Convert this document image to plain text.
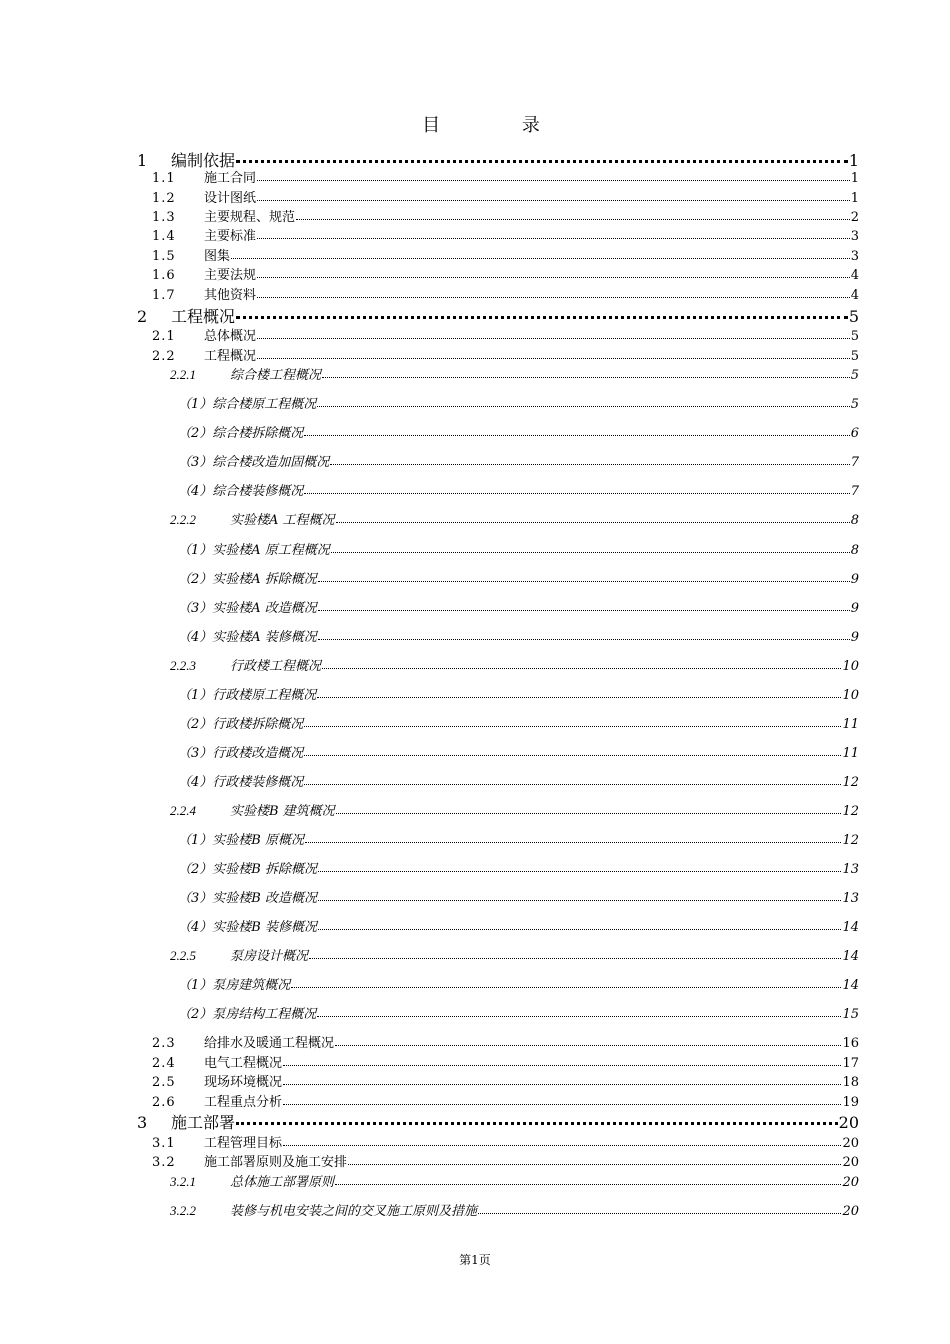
目 录
1	编制依据	1
1.1	施工合同	1
1.2	设计图纸	1
1.3	主要规程、规范	2
1.4	主要标准	3
1.5	图集	3
1.6	主要法规	4
1.7	其他资料	4
2	工程概况	5
2.1	总体概况	5
2.2	工程概况	5
2.2.1	综合楼工程概况	5
（1）综合楼原工程概况	5
（2）综合楼拆除概况	6
（3）综合楼改造加固概况	7
（4）综合楼装修概况	7
2.2.2	实验楼A 工程概况	8
（1）实验楼A 原工程概况	8
（2）实验楼A 拆除概况	9
（3）实验楼A 改造概况	9
（4）实验楼A 装修概况	9
2.2.3	行政楼工程概况	10
（1）行政楼原工程概况	10
（2）行政楼拆除概况	11
（3）行政楼改造概况	11
（4）行政楼装修概况	12
2.2.4	实验楼B 建筑概况	12
（1）实验楼B 原概况	12
（2）实验楼B 拆除概况	13
（3）实验楼B 改造概况	13
（4）实验楼B 装修概况	14
2.2.5	泵房设计概况	14
（1）泵房建筑概况	14
（2）泵房结构工程概况	15
2.3	给排水及暖通工程概况	16
2.4	电气工程概况	17
2.5	现场环境概况	18
2.6	工程重点分析	19
3	施工部署	20
3.1	工程管理目标	20
3.2	施工部署原则及施工安排	20
3.2.1	总体施工部署原则	20
3.2.2	装修与机电安装之间的交叉施工原则及措施	20
第1页
